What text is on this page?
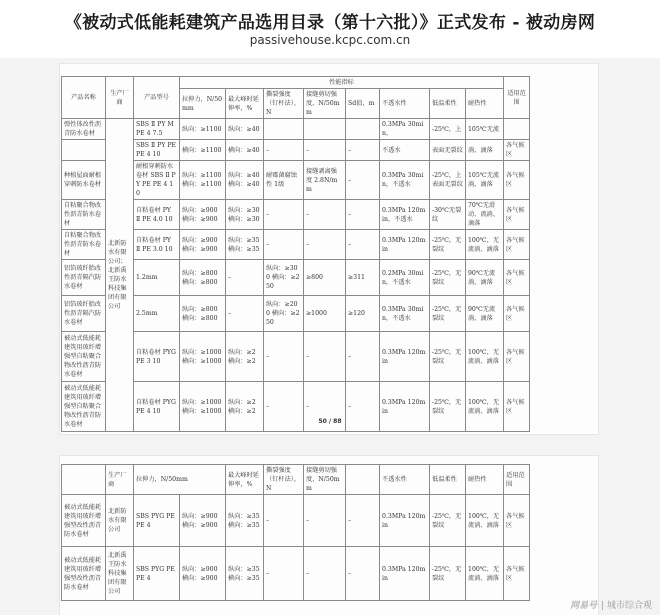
《被动式低能耗建筑产品选用目录（第十六批）》正式发布 - 被动房网
passivehouse.kcpc.com.cn
产品名称	生产厂商	产品型号	性能指标								适用范围
			拉伸力，N/50mm	最大峰时延伸率，%	撕裂强度（钉杆法），N	接缝剪切强度，N/50mm	Sd值，m	不透水性	低温柔性	耐热性	
弹性体改性沥青防水卷材	北新防水有限公司；北新禹王防水科技集团有限公司	SBS Ⅱ PY M PE 4 7.5	纵向：≥1100	纵向：≥40				0.3MPa 30min，	-25℃，上	105℃无流	
		SBS Ⅱ PY PE PE 4 10	横向：≥1100	横向：≥40	–	–	–	不透水	表面无裂纹	淌、滴落	各气候区
种植屋面耐根穿刺防水卷材		耐根穿刺防水卷材 SBS Ⅱ PY PE PE 4 10	纵向：≥1100 横向：≥1100	纵向：≥40 横向：≥40	耐霉菌腐蚀性 1级	接缝剥离强度 2.8N/mm	–	0.3MPa 30min，不透水	-25℃，上表面无裂纹	105℃无流淌、滴落	各气候区
自粘聚合物改性沥青防水卷材		自粘卷材 PY Ⅱ PE 4.0 10	纵向：≥900 横向：≥900	纵向：≥30 横向：≥30	–	–	–	0.3MPa 120min，不透水	-30℃无裂纹	70℃无滑动、流淌、滴落	各气候区
自粘聚合物改性沥青防水卷材		自粘卷材 PY Ⅱ PE 3.0 10	纵向：≥900 横向：≥900	纵向：≥35 横向：≥35	–	–	–	0.3MPa 120min	-25℃，无裂纹	100℃，无流淌、滴落	各气候区
铝箔玻纤胎改性沥青隔汽防水卷材		1.2mm	纵向：≥800 横向：≥800	–	纵向：≥300 横向：≥250	≥800	≥311	0.2MPa 30min，不透水	-25℃，无裂纹	90℃无流淌、滴落	各气候区
铝箔玻纤胎改性沥青隔汽防水卷材		2.5mm	纵向：≥800 横向：≥800	–	纵向：≥200 横向：≥250	≥1000	≥120	0.3MPa 30min，不透水	-25℃，无裂纹	90℃无流淌、滴落	各气候区
被动式低能耗建筑用玻纤增强型自粘聚合物改性沥青防水卷材		自粘卷材 PYG PE 3 10	纵向：≥1000 横向：≥1000	纵向：≥2 横向：≥2	–	–	–	0.3MPa 120min	-25℃，无裂纹	100℃，无流淌、滴落	各气候区
被动式低能耗建筑用玻纤增强型自粘聚合物改性沥青防水卷材		自粘卷材 PYG PE 4 10	纵向：≥1000 横向：≥1000	纵向：≥2 横向：≥2	–	–	–	0.3MPa 120min	-25℃，无裂纹	100℃，无流淌、滴落	各气候区
50 / 88
	生产厂商	拉伸力，N/50mm		最大峰时延伸率，%	撕裂强度（钉杆法），N	接缝剪切强度，N/50mm		不透水性	低温柔性	耐热性	适用范围
被动式低能耗建筑用玻纤增强型改性沥青防水卷材	北新防水有限公司	SBS PYG PE PE 4	纵向：≥900 横向：≥900	纵向：≥35 横向：≥35	–	–	–	0.3MPa 120min	-25℃，无裂纹	100℃，无流淌、滴落	各气候区
被动式低能耗建筑用玻纤增强型改性沥青防水卷材	北新禹王防水科技集团有限公司	SBS PYG PE PE 4	纵向：≥900 横向：≥900	纵向：≥35 横向：≥35	–	–	–	0.3MPa 120min	-25℃，无裂纹	100℃，无流淌、滴落	各气候区
网易号 | 城市综合观
